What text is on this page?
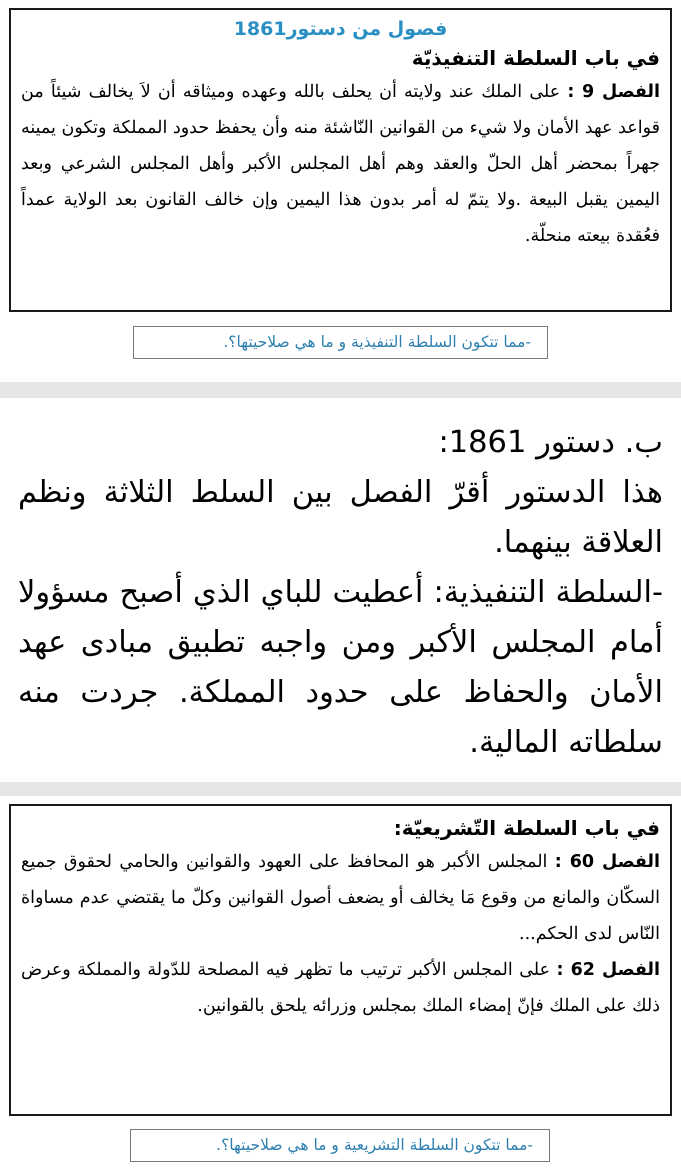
فصول من دستور1861
في باب السلطة التنفيذيّة
الفصل 9 : على الملك عند ولايته أن يحلف بالله وعهده وميثاقه أن لاَ يخالف شيئاً من قواعد عهد الأمان ولا شيء من القوانين النّاشئة منه وأن يحفظ حدود المملكة وتكون يمينه جهراً بمحضر أهل الحلّ والعقد وهم أهل المجلس الأكبر وأهل المجلس الشرعي وبعد اليمين يقبل البيعة .ولا يتمّ له أمر بدون هذا اليمين وإن خالف القانون بعد الولاية عمداً فعُقدة بيعته منحلّة.
-مما تتكون السلطة التنفيذية و ما هي صلاحيتها؟.
ب. دستور 1861:
هذا الدستور أقرّ الفصل بين السلط الثلاثة ونظم العلاقة بينهما.
-السلطة التنفيذية: أعطيت للباي الذي أصبح مسؤولا أمام المجلس الأكبر ومن واجبه تطبيق مبادى عهد الأمان والحفاظ على حدود المملكة. جردت منه سلطاته المالية.
في باب السلطة التّشريعيّة:
الفصل 60 : المجلس الأكبر هو المحافظ على العهود والقوانين والحامي لحقوق جميع السكّان والمانع من وقوع مَا يخالف أو يضعف أصول القوانين وكلّ ما يقتضي عدم مساواة النّاس لدى الحكم...
الفصل 62 : على المجلس الأكبر ترتيب ما تظهر فيه المصلحة للدّولة والمملكة وعرض ذلك على الملك فإنّ إمضاء الملك بمجلس وزرائه يلحق بالقوانين.
-مما تتكون السلطة التشريعية و ما هي صلاحيتها؟.
